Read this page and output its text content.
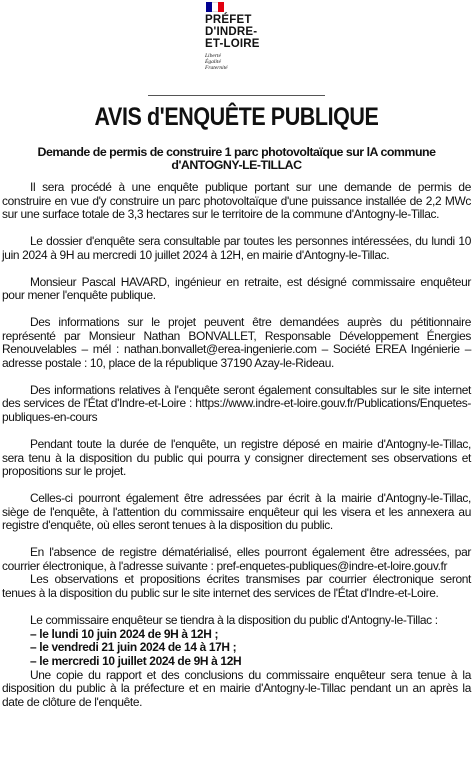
PRÉFET
D'INDRE-
ET-LOIRE
Liberté
Égalité
Fraternité
AVIS d'ENQUÊTE PUBLIQUE
Demande de permis de construire 1 parc photovoltaïque sur lA commune d'ANTOGNY-LE-TILLAC

Il sera procédé à une enquête publique portant sur une demande de permis de construire en vue d'y construire un parc photovoltaïque d'une puissance installée de 2,2 MWc sur une surface totale de 3,3 hectares sur le territoire de la commune d'Antogny-le-Tillac.

Le dossier d'enquête sera consultable par toutes les personnes intéressées, du lundi 10 juin 2024 à 9H au mercredi 10 juillet 2024 à 12H, en mairie d'Antogny-le-Tillac.

Monsieur Pascal HAVARD, ingénieur en retraite, est désigné commissaire enquêteur pour mener l'enquête publique.

Des informations sur le projet peuvent être demandées auprès du pétitionnaire représenté par Monsieur Nathan BONVALLET, Responsable Développement Énergies Renouvelables – mél : nathan.bonvallet@erea-ingenierie.com – Société EREA Ingénierie – adresse postale : 10, place de la république 37190 Azay-le-Rideau.

Des informations relatives à l'enquête seront également consultables sur le site internet des services de l'État d'Indre-et-Loire : https://www.indre-et-loire.gouv.fr/Publications/Enquetes-publiques-en-cours

Pendant toute la durée de l'enquête, un registre déposé en mairie d'Antogny-le-Tillac, sera tenu à la disposition du public qui pourra y consigner directement ses observations et propositions sur le projet.

Celles-ci pourront également être adressées par écrit à la mairie d'Antogny-le-Tillac, siège de l'enquête, à l'attention du commissaire enquêteur qui les visera et les annexera au registre d'enquête, où elles seront tenues à la disposition du public.

En l'absence de registre dématérialisé, elles pourront également être adressées, par courrier électronique, à l'adresse suivante : pref-enquetes-publiques@indre-et-loire.gouv.fr

Les observations et propositions écrites transmises par courrier électronique seront tenues à la disposition du public sur le site internet des services de l'État d'Indre-et-Loire.

Le commissaire enquêteur se tiendra à la disposition du public d'Antogny-le-Tillac :

– le lundi 10 juin 2024 de 9H à 12H ;
– le vendredi 21 juin 2024 de 14 à 17H ;
– le mercredi 10 juillet 2024 de 9H à 12H

Une copie du rapport et des conclusions du commissaire enquêteur sera tenue à la disposition du public à la préfecture et en mairie d'Antogny-le-Tillac pendant un an après la date de clôture de l'enquête.
